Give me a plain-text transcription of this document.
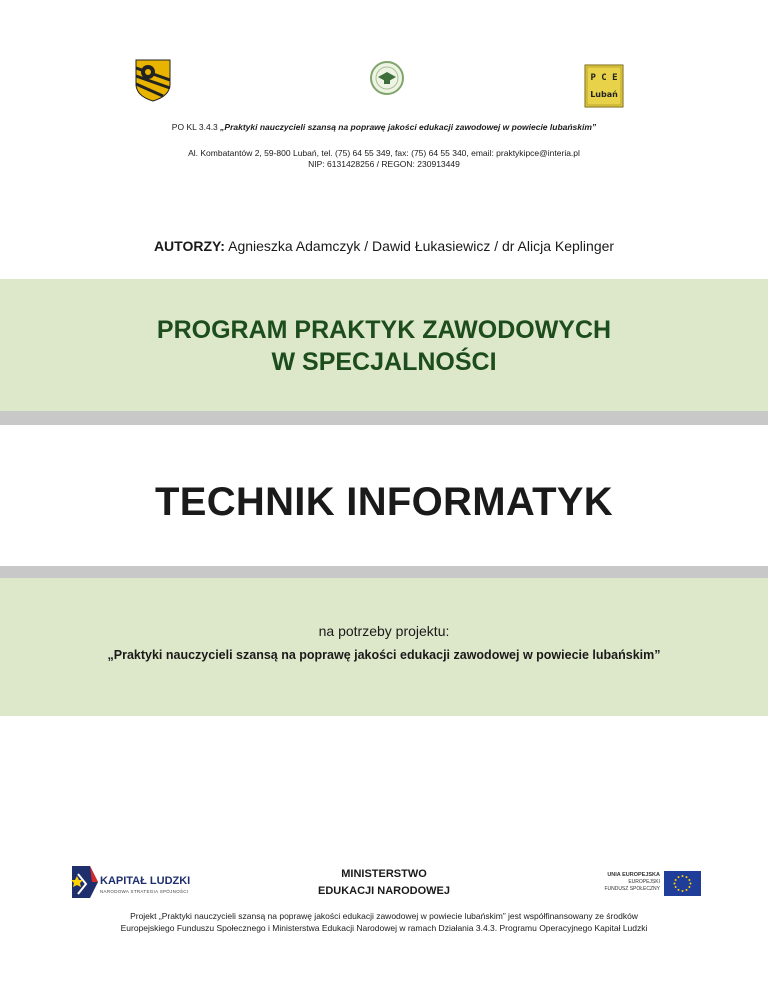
P C E
Lubań
PO KL 3.4.3 „Praktyki nauczycieli szansą na poprawę jakości edukacji zawodowej w powiecie lubańskim”
Al. Kombatantów 2, 59-800 Lubań, tel. (75) 64 55 349, fax: (75) 64 55 340, email: praktykipce@interia.pl
NIP: 6131428256 / REGON: 230913449
AUTORZY: Agnieszka Adamczyk / Dawid Łukasiewicz / dr Alicja Keplinger
PROGRAM PRAKTYK ZAWODOWYCH
W SPECJALNOŚCI
TECHNIK INFORMATYK
na potrzeby projektu:
„Praktyki nauczycieli szansą na poprawę jakości edukacji zawodowej w powiecie lubańskim”
KAPITAŁ LUDZKI
NARODOWA STRATEGIA SPÓJNOŚCI
MINISTERSTWO
EDUKACJI NARODOWEJ
UNIA EUROPEJSKA
EUROPEJSKI
FUNDUSZ SPOŁECZNY
Projekt „Praktyki nauczycieli szansą na poprawę jakości edukacji zawodowej w powiecie lubańskim” jest współfinansowany ze środków
Europejskiego Funduszu Społecznego i Ministerstwa Edukacji Narodowej w ramach Działania 3.4.3. Programu Operacyjnego Kapitał Ludzki
